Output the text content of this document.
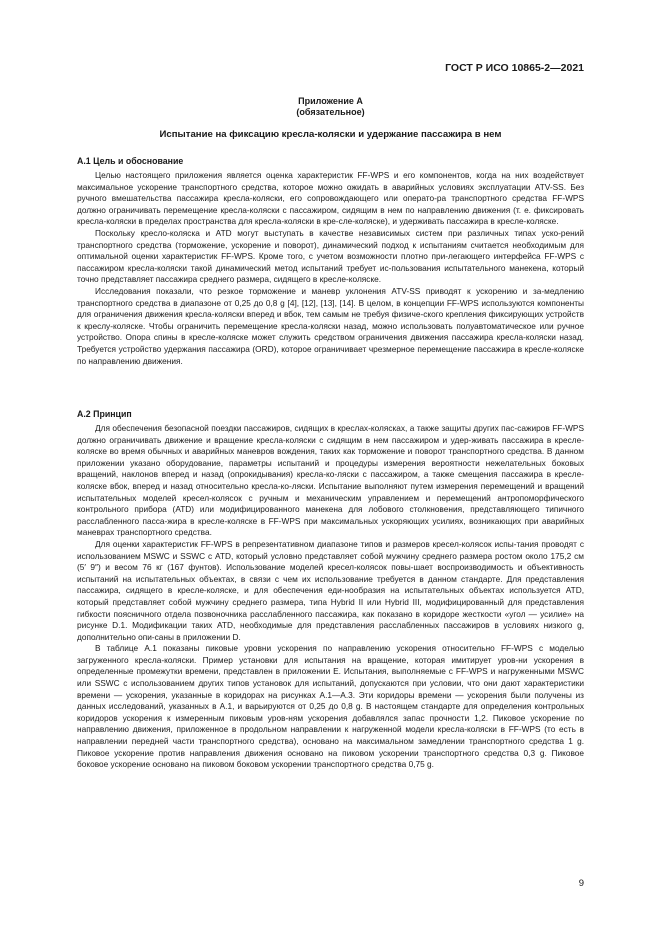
ГОСТ Р ИСО 10865-2—2021
Приложение А
(обязательное)
Испытание на фиксацию кресла-коляски и удержание пассажира в нем
А.1 Цель и обоснование

Целью настоящего приложения является оценка характеристик FF-WPS и его компонентов, когда на них воздействует максимальное ускорение транспортного средства, которое можно ожидать в аварийных условиях эксплуатации ATV-SS. Без ручного вмешательства пассажира кресла-коляски, его сопровождающего или операто-ра транспортного средства FF-WPS должно ограничивать перемещение кресла-коляски с пассажиром, сидящим в нем по направлению движения (т. е. фиксировать кресла-коляски в пределах пространства для кресла-коляски в кре-сле-коляске), и удерживать пассажира в кресле-коляске.

Поскольку кресло-коляска и ATD могут выступать в качестве независимых систем при различных типах уско-рений транспортного средства (торможение, ускорение и поворот), динамический подход к испытаниям считается необходимым для оптимальной оценки характеристик FF-WPS. Кроме того, с учетом возможности плотно при-легающего интерфейса FF-WPS с пассажиром кресла-коляски такой динамический метод испытаний требует ис-пользования испытательного манекена, который точно представляет пассажира среднего размера, сидящего в кресле-коляске.

Исследования показали, что резкое торможение и маневр уклонения ATV-SS приводят к ускорению и за-медлению транспортного средства в диапазоне от 0,25 до 0,8 g [4], [12], [13], [14]. В целом, в концепции FF-WPS используются компоненты для ограничения движения кресла-коляски вперед и вбок, тем самым не требуя физиче-ского крепления фиксирующих устройств к креслу-коляске. Чтобы ограничить перемещение кресла-коляски назад, можно использовать полуавтоматическое или ручное устройство. Опора спины в кресле-коляске может служить средством ограничения движения пассажира кресла-коляски назад. Требуется устройство удержания пассажира (ORD), которое ограничивает чрезмерное перемещение пассажира в кресле-коляске по направлению движения.

А.2 Принцип

Для обеспечения безопасной поездки пассажиров, сидящих в креслах-колясках, а также защиты других пас-сажиров FF-WPS должно ограничивать движение и вращение кресла-коляски с сидящим в нем пассажиром и удер-живать пассажира в кресле-коляске во время обычных и аварийных маневров вождения, таких как торможение и поворот транспортного средства. В данном приложении указано оборудование, параметры испытаний и процедуры измерения вероятности нежелательных боковых вращений, наклонов вперед и назад (опрокидывания) кресла-ко-ляски с пассажиром, а также смещения пассажира в кресле-коляске вбок, вперед и назад относительно кресла-ко-ляски. Испытание выполняют путем измерения перемещений и вращений испытательных моделей кресел-колясок с ручным и механическим управлением и перемещений антропоморфического контрольного прибора (ATD) или модифицированного манекена для лобового столкновения, представляющего типичного расслабленного пасса-жира в кресле-коляске в FF-WPS при максимальных ускоряющих усилиях, возникающих при аварийных маневрах транспортного средства.

Для оценки характеристик FF-WPS в репрезентативном диапазоне типов и размеров кресел-колясок испы-тания проводят с использованием MSWC и SSWC с ATD, который условно представляет собой мужчину среднего размера ростом около 175,2 см (5′ 9″) и весом 76 кг (167 фунтов). Использование моделей кресел-колясок повы-шает воспроизводимость и объективность испытаний на испытательных объектах, в связи с чем их использование требуется в данном стандарте. Для представления пассажира, сидящего в кресле-коляске, и для обеспечения еди-нообразия на испытательных объектах используется ATD, который представляет собой мужчину среднего размера, типа Hybrid II или Hybrid III, модифицированный для представления гибкости поясничного отдела позвоночника расслабленного пассажира, как показано в коридоре жесткости «угол — усилие» на рисунке D.1. Модификации таких ATD, необходимые для представления расслабленных пассажиров в условиях низкого g, дополнительно опи-саны в приложении D.

В таблице А.1 показаны пиковые уровни ускорения по направлению ускорения относительно FF-WPS с моделью загруженного кресла-коляски. Пример установки для испытания на вращение, которая имитирует уров-ни ускорения в определенные промежутки времени, представлен в приложении Е. Испытания, выполняемые с FF-WPS и нагруженными MSWC или SSWC с использованием других типов установок для испытаний, допускаются при условии, что они дают характеристики времени — ускорения, указанные в коридорах на рисунках А.1—А.3. Эти коридоры времени — ускорения были получены из данных исследований, указанных в А.1, и варьируются от 0,25 до 0,8 g. В настоящем стандарте для определения контрольных коридоров ускорения к измеренным пиковым уров-ням ускорения добавлялся запас прочности 1,2. Пиковое ускорение по направлению движения, приложенное в продольном направлении к нагруженной модели кресла-коляски в FF-WPS (то есть в направлении передней части транспортного средства), основано на максимальном замедлении транспортного средства 1 g. Пиковое ускорение против направления движения основано на пиковом ускорении транспортного средства 0,3 g. Пиковое боковое ускорение основано на пиковом боковом ускорении транспортного средства 0,75 g.

9
